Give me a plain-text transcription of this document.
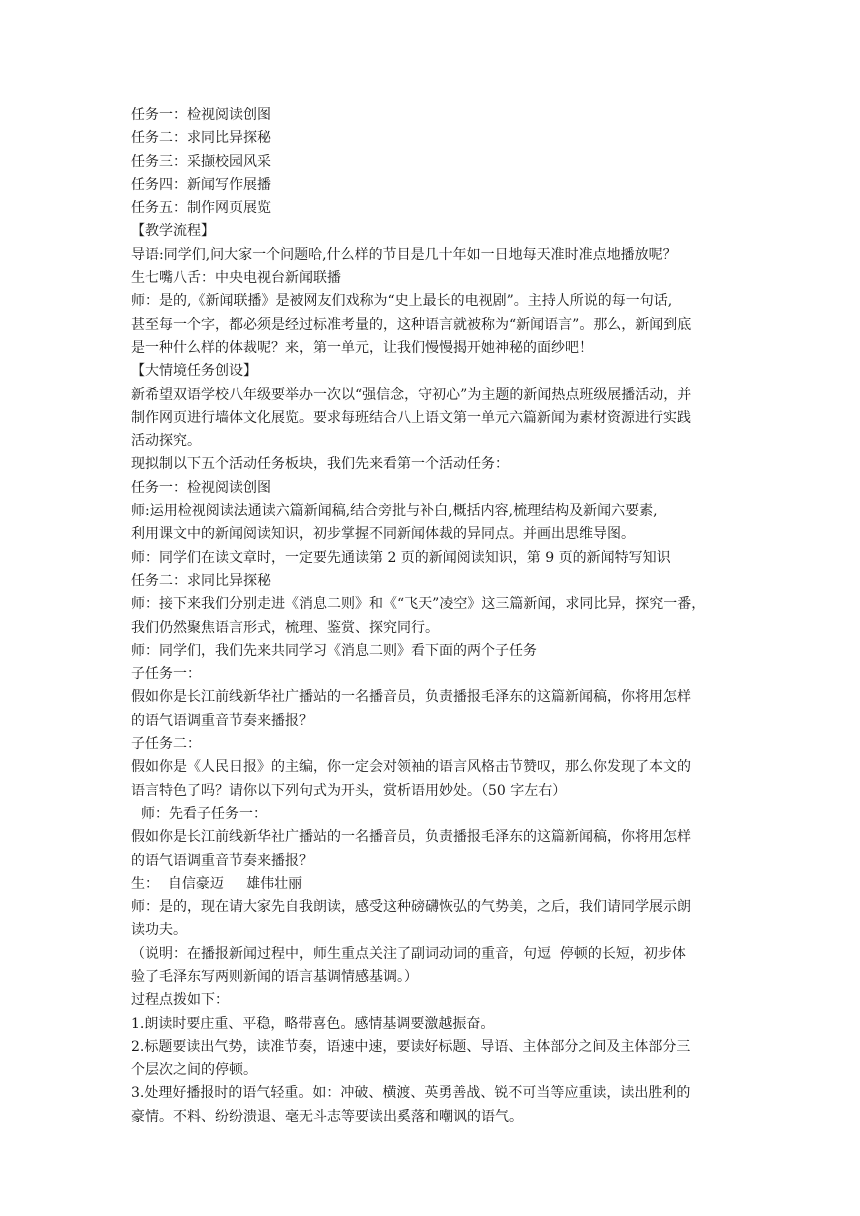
任务一：检视阅读创图
任务二：求同比异探秘
任务三：采撷校园风采
任务四：新闻写作展播
任务五：制作网页展览
【教学流程】
导语:同学们,问大家一个问题哈,什么样的节目是几十年如一日地每天准时准点地播放呢？
生七嘴八舌：中央电视台新闻联播
师：是的,《新闻联播》是被网友们戏称为“史上最长的电视剧”。主持人所说的每一句话,
甚至每一个字，都必须是经过标准考量的，这种语言就被称为“新闻语言”。那么，新闻到底
是一种什么样的体裁呢？来，第一单元，让我们慢慢揭开她神秘的面纱吧！
【大情境任务创设】
新希望双语学校八年级要举办一次以“强信念，守初心”为主题的新闻热点班级展播活动，并
制作网页进行墙体文化展览。要求每班结合八上语文第一单元六篇新闻为素材资源进行实践
活动探究。
现拟制以下五个活动任务板块，我们先来看第一个活动任务：
任务一：检视阅读创图
师:运用检视阅读法通读六篇新闻稿,结合旁批与补白,概括内容,梳理结构及新闻六要素,
利用课文中的新闻阅读知识，初步掌握不同新闻体裁的异同点。并画出思维导图。
师：同学们在读文章时，一定要先通读第 2 页的新闻阅读知识，第 9 页的新闻特写知识
任务二：求同比异探秘
师：接下来我们分别走进《消息二则》和《“飞天”凌空》这三篇新闻，求同比异，探究一番，
我们仍然聚焦语言形式，梳理、鉴赏、探究同行。
师：同学们，我们先来共同学习《消息二则》看下面的两个子任务
子任务一：
假如你是长江前线新华社广播站的一名播音员，负责播报毛泽东的这篇新闻稿，你将用怎样
的语气语调重音节奏来播报？
子任务二：
假如你是《人民日报》的主编，你一定会对领袖的语言风格击节赞叹，那么你发现了本文的
语言特色了吗？请你以下列句式为开头，赏析语用妙处。（50 字左右）
师：先看子任务一：
假如你是长江前线新华社广播站的一名播音员，负责播报毛泽东的这篇新闻稿，你将用怎样
的语气语调重音节奏来播报？
生：  自信豪迈     雄伟壮丽
师：是的，现在请大家先自我朗读，感受这种磅礴恢弘的气势美，之后，我们请同学展示朗
读功夫。
（说明：在播报新闻过程中，师生重点关注了副词动词的重音，句逗  停顿的长短，初步体
验了毛泽东写两则新闻的语言基调情感基调。）
过程点拨如下：
1.朗读时要庄重、平稳，略带喜色。感情基调要激越振奋。
2.标题要读出气势，读准节奏，语速中速，要读好标题、导语、主体部分之间及主体部分三
个层次之间的停顿。
3.处理好播报时的语气轻重。如：冲破、横渡、英勇善战、锐不可当等应重读，读出胜利的
豪情。不料、纷纷溃退、毫无斗志等要读出奚落和嘲讽的语气。
